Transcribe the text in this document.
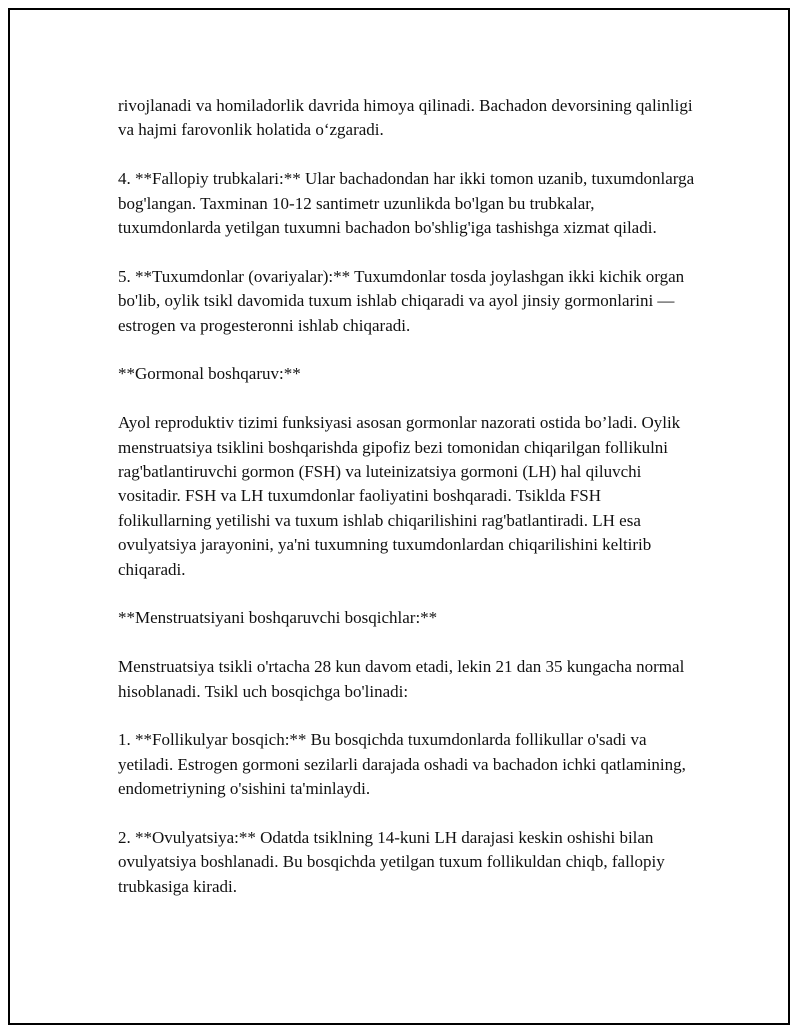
rivojlanadi va homiladorlik davrida himoya qilinadi. Bachadon devorsining qalinligi va hajmi farovonlik holatida o‘zgaradi.

4. **Fallopiy trubkalari:** Ular bachadondan har ikki tomon uzanib, tuxumdonlarga bog'langan. Taxminan 10-12 santimetr uzunlikda bo'lgan bu trubkalar, tuxumdonlarda yetilgan tuxumni bachadon bo'shlig'iga tashishga xizmat qiladi.

5. **Tuxumdonlar (ovariyalar):** Tuxumdonlar tosda joylashgan ikki kichik organ bo'lib, oylik tsikl davomida tuxum ishlab chiqaradi va ayol jinsiy gormonlarini — estrogen va progesteronni ishlab chiqaradi.

**Gormonal boshqaruv:**

Ayol reproduktiv tizimi funksiyasi asosan gormonlar nazorati ostida bo’ladi. Oylik menstruatsiya tsiklini boshqarishda gipofiz bezi tomonidan chiqarilgan follikulni rag'batlantiruvchi gormon (FSH) va luteinizatsiya gormoni (LH) hal qiluvchi vositadir. FSH va LH tuxumdonlar faoliyatini boshqaradi. Tsiklda FSH folikullarning yetilishi va tuxum ishlab chiqarilishini rag'batlantiradi. LH esa ovulyatsiya jarayonini, ya'ni tuxumning tuxumdonlardan chiqarilishini keltirib chiqaradi.

**Menstruatsiyani boshqaruvchi bosqichlar:**

Menstruatsiya tsikli o'rtacha 28 kun davom etadi, lekin 21 dan 35 kungacha normal hisoblanadi. Tsikl uch bosqichga bo'linadi:

1. **Follikulyar bosqich:** Bu bosqichda tuxumdonlarda follikullar o'sadi va yetiladi. Estrogen gormoni sezilarli darajada oshadi va bachadon ichki qatlamining, endometriyning o'sishini ta'minlaydi.

2. **Ovulyatsiya:** Odatda tsiklning 14-kuni LH darajasi keskin oshishi bilan ovulyatsiya boshlanadi. Bu bosqichda yetilgan tuxum follikuldan chiqb, fallopiy trubkasiga kiradi.
